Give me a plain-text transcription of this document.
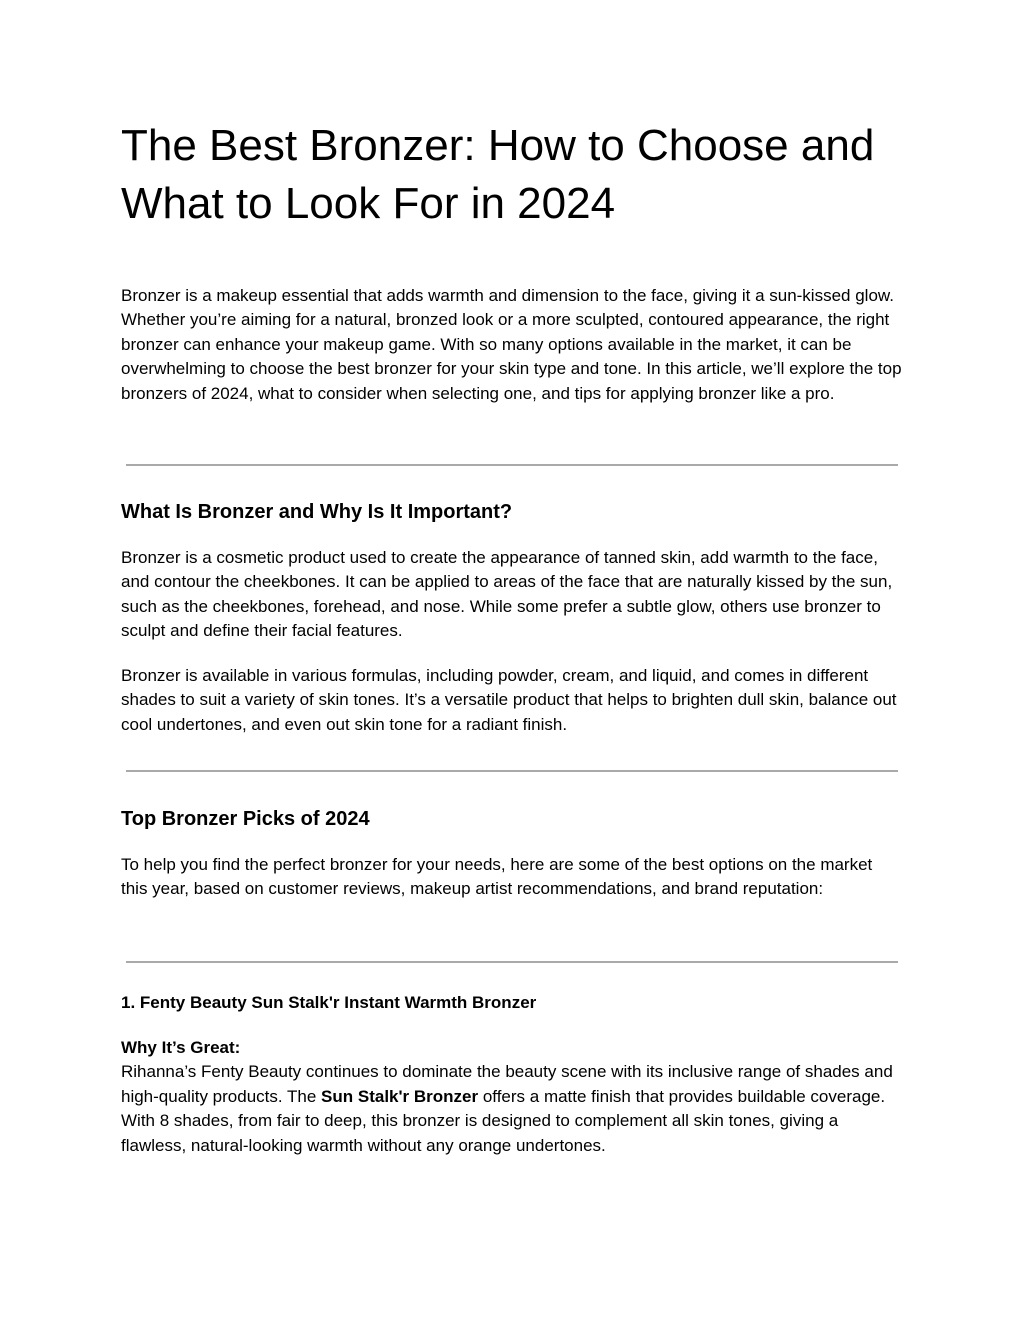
The Best Bronzer: How to Choose and What to Look For in 2024

Bronzer is a makeup essential that adds warmth and dimension to the face, giving it a sun-kissed glow. Whether you’re aiming for a natural, bronzed look or a more sculpted, contoured appearance, the right bronzer can enhance your makeup game. With so many options available in the market, it can be overwhelming to choose the best bronzer for your skin type and tone. In this article, we’ll explore the top bronzers of 2024, what to consider when selecting one, and tips for applying bronzer like a pro.

What Is Bronzer and Why Is It Important?

Bronzer is a cosmetic product used to create the appearance of tanned skin, add warmth to the face, and contour the cheekbones. It can be applied to areas of the face that are naturally kissed by the sun, such as the cheekbones, forehead, and nose. While some prefer a subtle glow, others use bronzer to sculpt and define their facial features.

Bronzer is available in various formulas, including powder, cream, and liquid, and comes in different shades to suit a variety of skin tones. It’s a versatile product that helps to brighten dull skin, balance out cool undertones, and even out skin tone for a radiant finish.

Top Bronzer Picks of 2024

To help you find the perfect bronzer for your needs, here are some of the best options on the market this year, based on customer reviews, makeup artist recommendations, and brand reputation:

1. Fenty Beauty Sun Stalk'r Instant Warmth Bronzer

Why It’s Great:
Rihanna’s Fenty Beauty continues to dominate the beauty scene with its inclusive range of shades and high-quality products. The Sun Stalk'r Bronzer offers a matte finish that provides buildable coverage. With 8 shades, from fair to deep, this bronzer is designed to complement all skin tones, giving a flawless, natural-looking warmth without any orange undertones.
